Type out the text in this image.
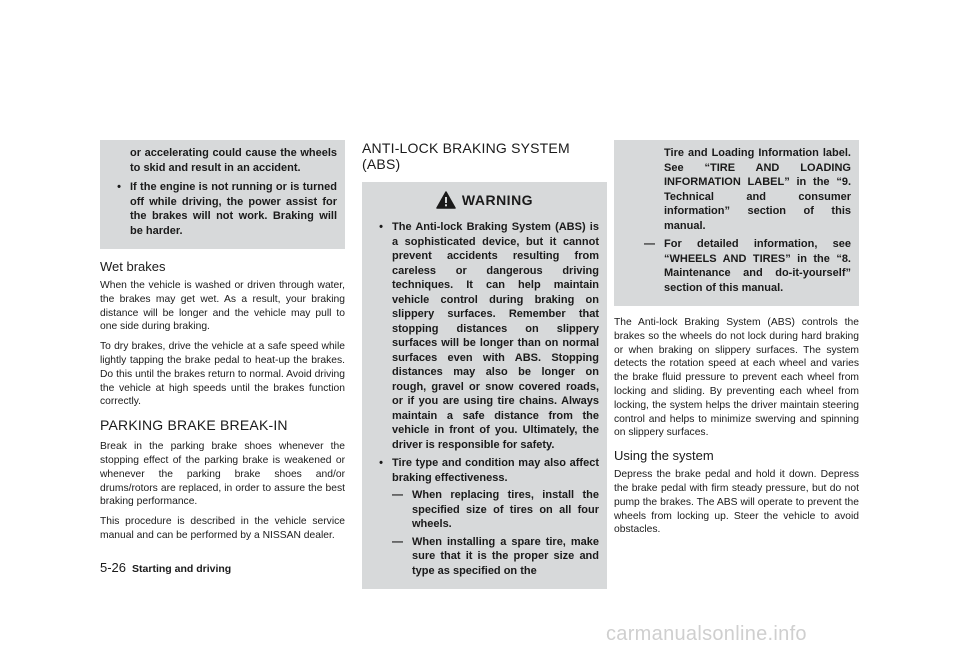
or accelerating could cause the wheels to skid and result in an accident.
• If the engine is not running or is turned off while driving, the power assist for the brakes will not work. Braking will be harder.
Wet brakes

When the vehicle is washed or driven through water, the brakes may get wet. As a result, your braking distance will be longer and the vehicle may pull to one side during braking.

To dry brakes, drive the vehicle at a safe speed while lightly tapping the brake pedal to heat-up the brakes. Do this until the brakes return to normal. Avoid driving the vehicle at high speeds until the brakes function correctly.

PARKING BRAKE BREAK-IN

Break in the parking brake shoes whenever the stopping effect of the parking brake is weakened or whenever the parking brake shoes and/or drums/rotors are replaced, in order to assure the best braking performance.

This procedure is described in the vehicle service manual and can be performed by a NISSAN dealer.

ANTI-LOCK BRAKING SYSTEM (ABS)
WARNING
• The Anti-lock Braking System (ABS) is a sophisticated device, but it cannot prevent accidents resulting from careless or dangerous driving techniques. It can help maintain vehicle control during braking on slippery surfaces. Remember that stopping distances on slippery surfaces will be longer than on normal surfaces even with ABS. Stopping distances may also be longer on rough, gravel or snow covered roads, or if you are using tire chains. Always maintain a safe distance from the vehicle in front of you. Ultimately, the driver is responsible for safety.
• Tire type and condition may also affect braking effectiveness.
— When replacing tires, install the specified size of tires on all four wheels.
— When installing a spare tire, make sure that it is the proper size and type as specified on the
Tire and Loading Information label. See “TIRE AND LOADING INFORMATION LABEL” in the “9. Technical and consumer information” section of this manual.
— For detailed information, see “WHEELS AND TIRES” in the “8. Maintenance and do-it-yourself” section of this manual.

The Anti-lock Braking System (ABS) controls the brakes so the wheels do not lock during hard braking or when braking on slippery surfaces. The system detects the rotation speed at each wheel and varies the brake fluid pressure to prevent each wheel from locking and sliding. By preventing each wheel from locking, the system helps the driver maintain steering control and helps to minimize swerving and spinning on slippery surfaces.

Using the system

Depress the brake pedal and hold it down. Depress the brake pedal with firm steady pressure, but do not pump the brakes. The ABS will operate to prevent the wheels from locking up. Steer the vehicle to avoid obstacles.

5-26 Starting and driving
carmanualsonline.info
